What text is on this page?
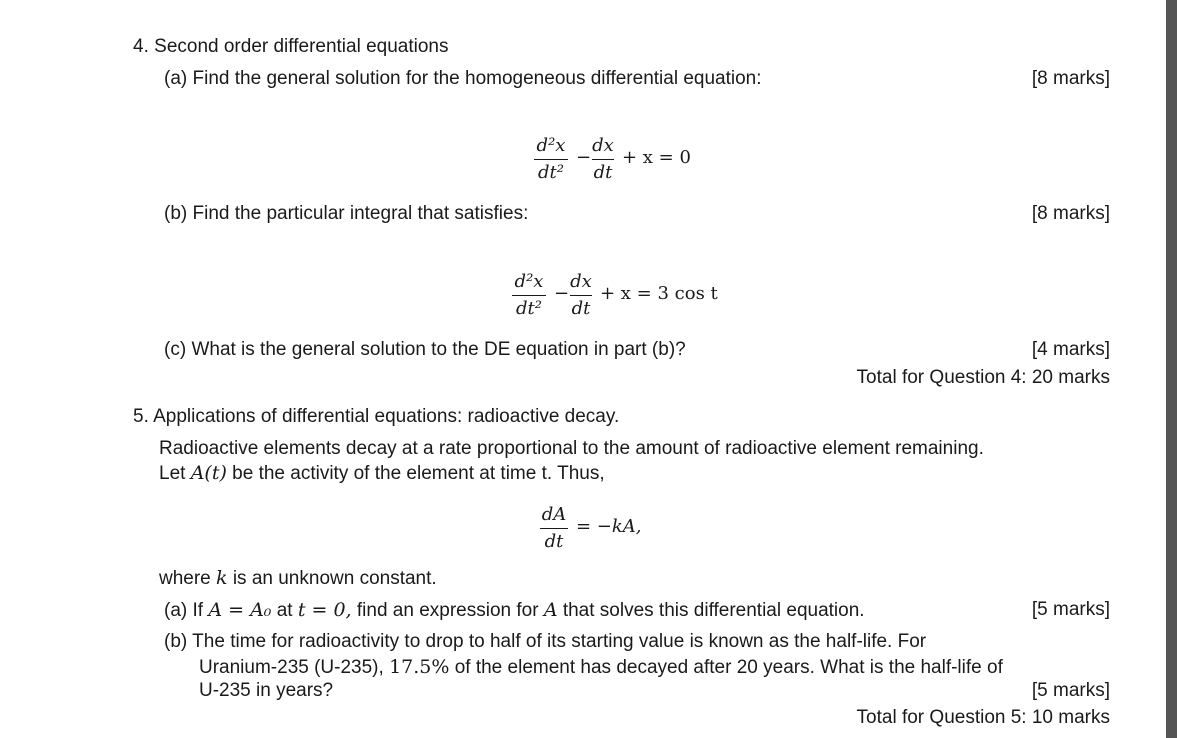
4. Second order differential equations
(a) Find the general solution for the homogeneous differential equation:	[8 marks]
d²x
dt²
−
dx
dt
+ x = 0
(b) Find the particular integral that satisfies:	[8 marks]
d²x
dt²
−
dx
dt
+ x = 3 cos t
(c) What is the general solution to the DE equation in part (b)?	[4 marks]
Total for Question 4: 20 marks
5. Applications of differential equations: radioactive decay.
Radioactive elements decay at a rate proportional to the amount of radioactive element remaining.
Let A(t) be the activity of the element at time t. Thus,
dA
dt
= −kA,
where k is an unknown constant.
(a) If A = A₀ at t = 0, find an expression for A that solves this differential equation.	[5 marks]
(b) The time for radioactivity to drop to half of its starting value is known as the half-life. For
Uranium-235 (U-235), 17.5% of the element has decayed after 20 years. What is the half-life of
U-235 in years?	[5 marks]
Total for Question 5: 10 marks
